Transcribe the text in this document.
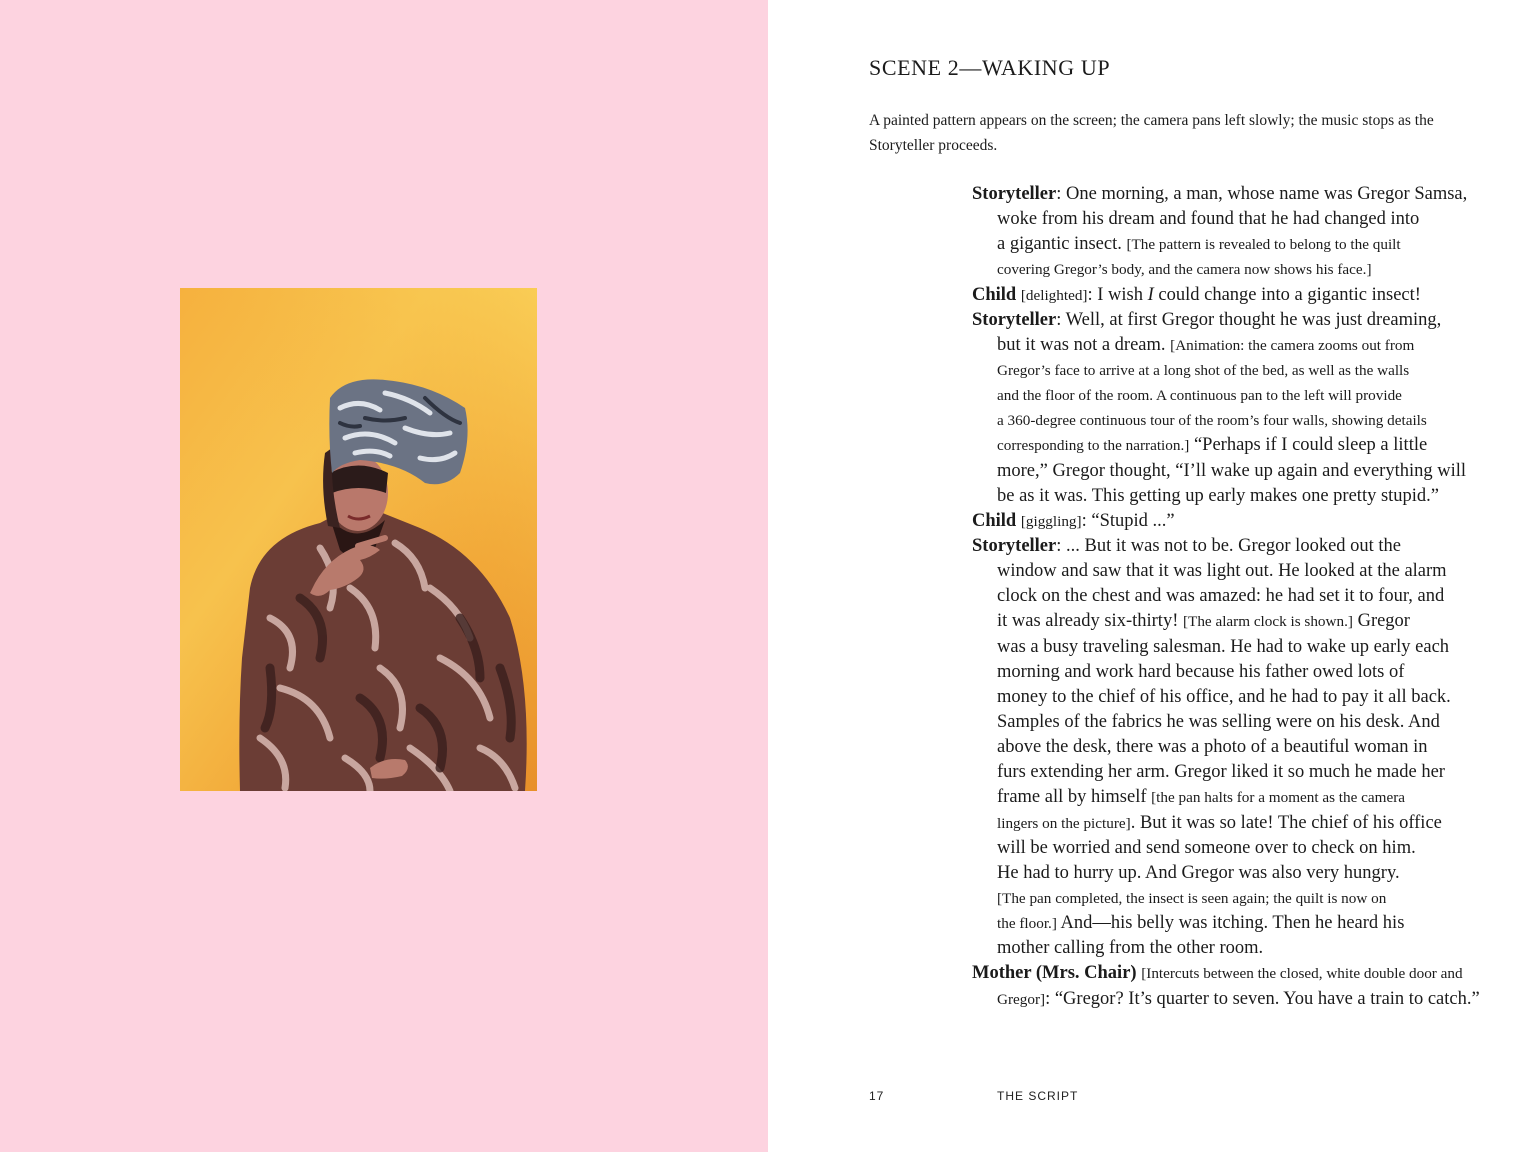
SCENE 2—WAKING UP

A painted pattern appears on the screen; the camera pans left slowly; the music stops as the Storyteller proceeds.

Storyteller: One morning, a man, whose name was Gregor Samsa,
woke from his dream and found that he had changed into
a gigantic insect. [The pattern is revealed to belong to the quilt
covering Gregor’s body, and the camera now shows his face.]
Child [delighted]: I wish I could change into a gigantic insect!
Storyteller: Well, at first Gregor thought he was just dreaming,
but it was not a dream. [Animation: the camera zooms out from
Gregor’s face to arrive at a long shot of the bed, as well as the walls
and the floor of the room. A continuous pan to the left will provide
a 360-degree continuous tour of the room’s four walls, showing details
corresponding to the narration.] “Perhaps if I could sleep a little
more,” Gregor thought, “I’ll wake up again and everything will
be as it was. This getting up early makes one pretty stupid.”
Child [giggling]: “Stupid ...”
Storyteller: ... But it was not to be. Gregor looked out the
window and saw that it was light out. He looked at the alarm
clock on the chest and was amazed: he had set it to four, and
it was already six-thirty! [The alarm clock is shown.] Gregor
was a busy traveling salesman. He had to wake up early each
morning and work hard because his father owed lots of
money to the chief of his office, and he had to pay it all back.
Samples of the fabrics he was selling were on his desk. And
above the desk, there was a photo of a beautiful woman in
furs extending her arm. Gregor liked it so much he made her
frame all by himself [the pan halts for a moment as the camera
lingers on the picture]. But it was so late! The chief of his office
will be worried and send someone over to check on him.
He had to hurry up. And Gregor was also very hungry.
[The pan completed, the insect is seen again; the quilt is now on
the floor.] And—his belly was itching. Then he heard his
mother calling from the other room.
Mother (Mrs. Chair) [Intercuts between the closed, white double door and
Gregor]: “Gregor? It’s quarter to seven. You have a train to catch.”
17	THE SCRIPT
